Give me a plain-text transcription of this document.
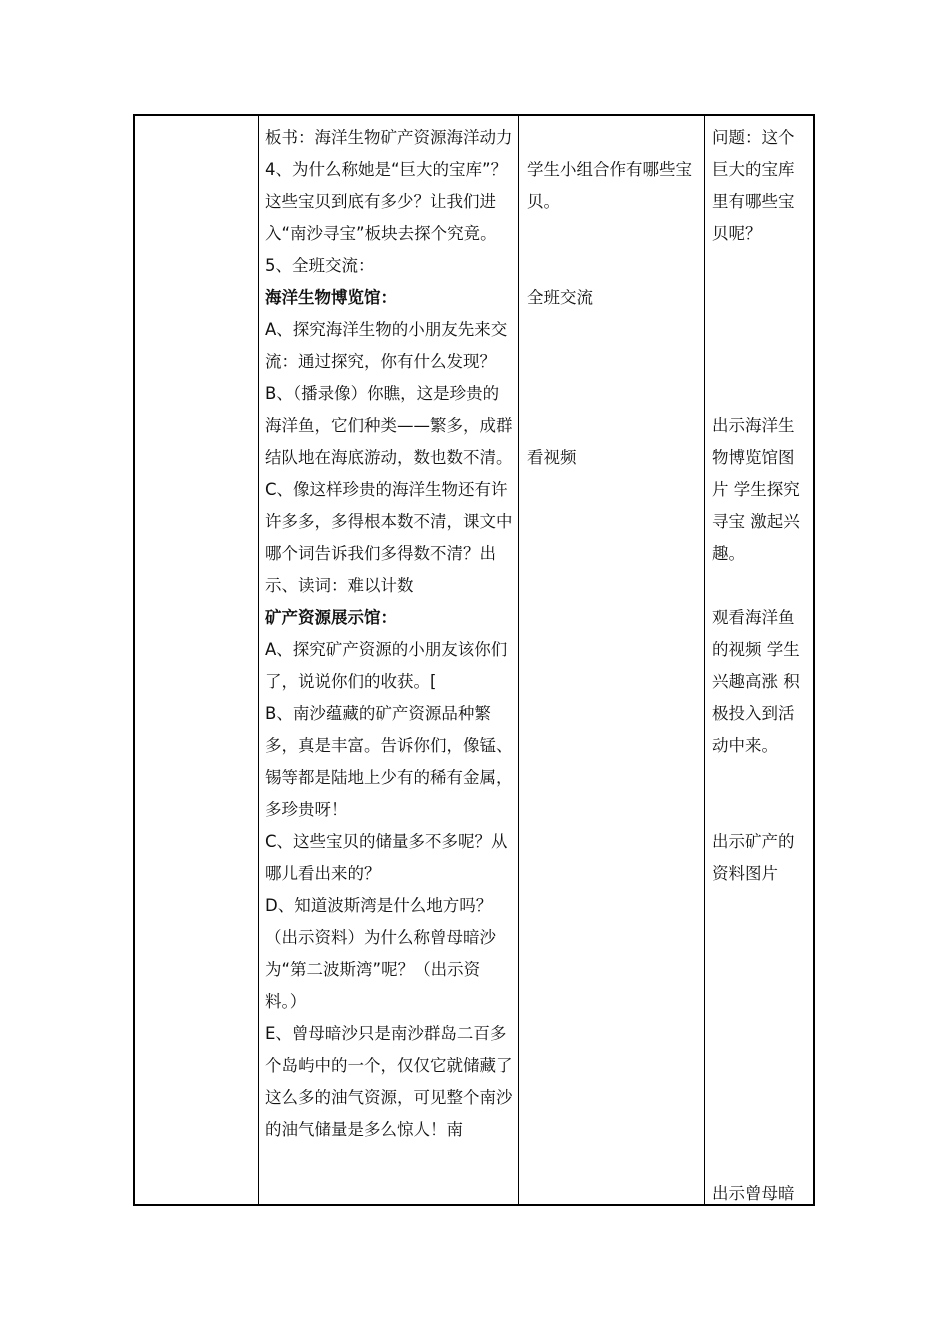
板书：海洋生物矿产资源海洋动力

4、为什么称她是“巨大的宝库”？这些宝贝到底有多少？让我们进入“南沙寻宝”板块去探个究竟。

5、全班交流：

海洋生物博览馆：

A、探究海洋生物的小朋友先来交流：通过探究，你有什么发现？

B、（播录像）你瞧，这是珍贵的海洋鱼，它们种类——繁多，成群结队地在海底游动，数也数不清。

C、像这样珍贵的海洋生物还有许许多多，多得根本数不清，课文中哪个词告诉我们多得数不清？出示、读词：难以计数

矿产资源展示馆：

A、探究矿产资源的小朋友该你们了，说说你们的收获。[

B、南沙蕴藏的矿产资源品种繁多，真是丰富。告诉你们，像锰、锡等都是陆地上少有的稀有金属，多珍贵呀！

C、这些宝贝的储量多不多呢？从哪儿看出来的？

D、知道波斯湾是什么地方吗？（出示资料）为什么称曾母暗沙为“第二波斯湾”呢？（出示资料。）

E、曾母暗沙只是南沙群岛二百多个岛屿中的一个，仅仅它就储藏了这么多的油气资源，可见整个南沙的油气储量是多么惊人！南

学生小组合作有哪些宝贝。

全班交流

看视频

问题：这个巨大的宝库里有哪些宝贝呢？

出示海洋生物博览馆图片 学生探究寻宝 激起兴趣。

观看海洋鱼的视频 学生兴趣高涨 积极投入到活动中来。

出示矿产的资料图片

出示曾母暗
